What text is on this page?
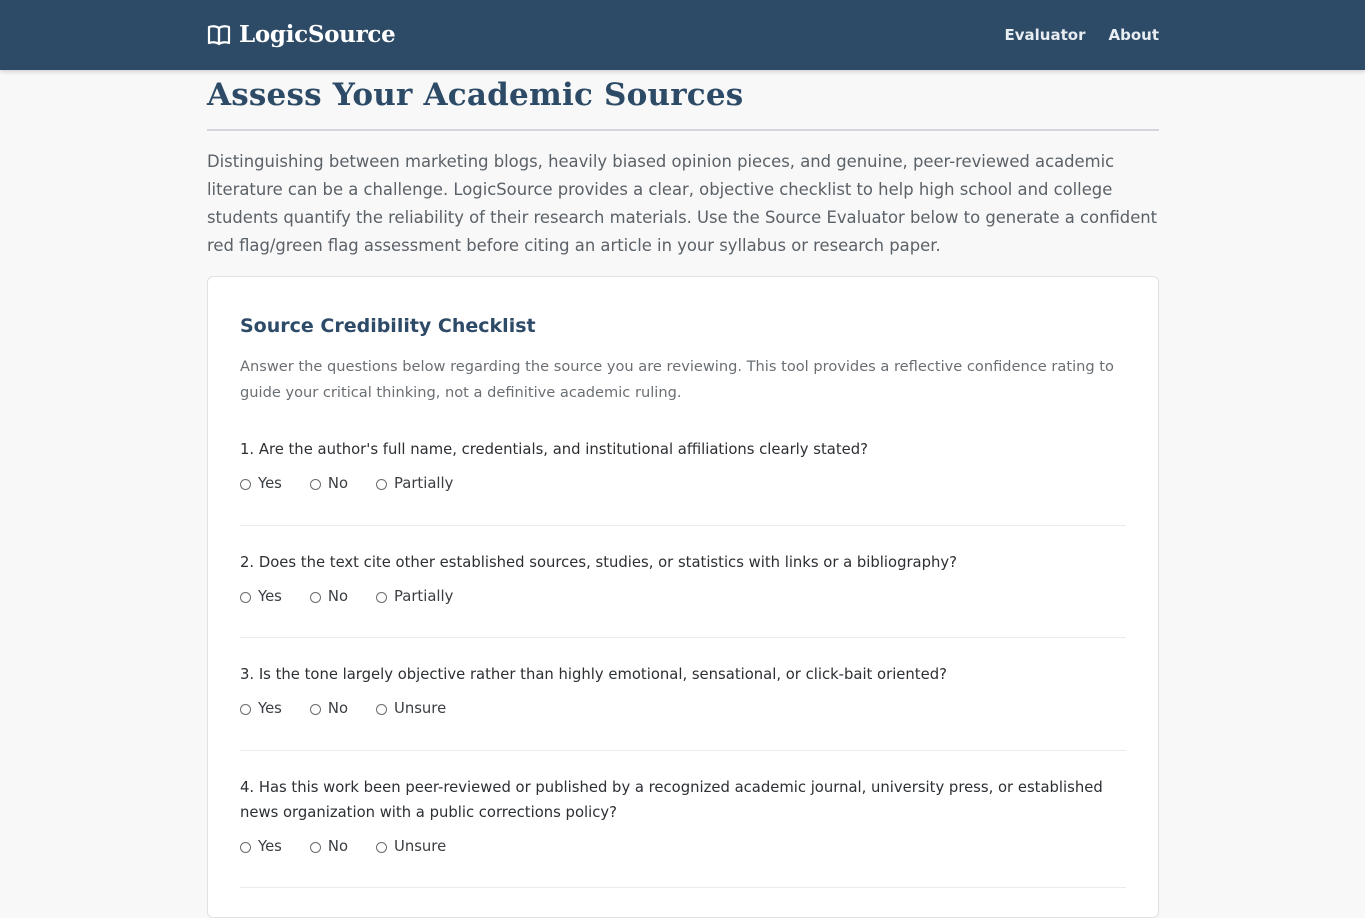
LogicSource	Evaluator About
Assess Your Academic Sources

Distinguishing between marketing blogs, heavily biased opinion pieces, and genuine, peer-reviewed academic literature can be a challenge. LogicSource provides a clear, objective checklist to help high school and college students quantify the reliability of their research materials. Use the Source Evaluator below to generate a confident red flag/green flag assessment before citing an article in your syllabus or research paper.

Source Credibility Checklist

Answer the questions below regarding the source you are reviewing. This tool provides a reflective confidence rating to guide your critical thinking, not a definitive academic ruling.

1. Are the author's full name, credentials, and institutional affiliations clearly stated?

Yes	No	Partially

2. Does the text cite other established sources, studies, or statistics with links or a bibliography?

Yes	No	Partially

3. Is the tone largely objective rather than highly emotional, sensational, or click-bait oriented?

Yes	No	Unsure

4. Has this work been peer-reviewed or published by a recognized academic journal, university press, or established news organization with a public corrections policy?

Yes	No	Unsure
